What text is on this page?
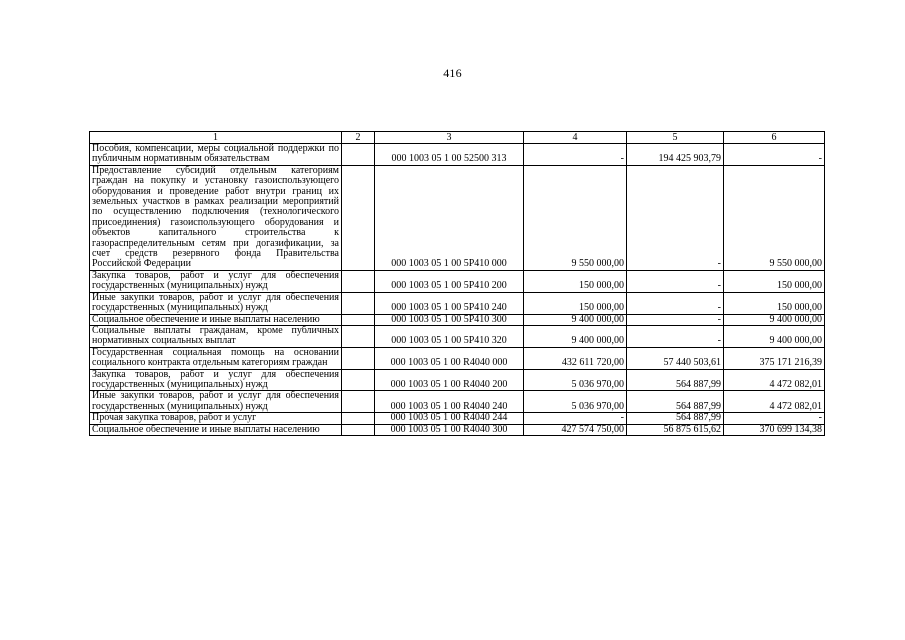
416
1	2	3	4	5	6
Пособия, компенсации, меры социальной поддержки по публичным нормативным обязательствам		000 1003 05 1 00 52500 313	-	194 425 903,79	-
Предоставление субсидий отдельным категориям граждан на покупку и установку газоиспользующего оборудования и проведение работ внутри границ их земельных участков в рамках реализации мероприятий по осуществлению подключения (технологического присоединения) газоиспользующего оборудования и объектов капитального строительства к газораспределительным сетям при догазификации, за счет средств резервного фонда Правительства Российской Федерации		000 1003 05 1 00 5Р410 000	9 550 000,00	-	9 550 000,00
Закупка товаров, работ и услуг для обеспечения государственных (муниципальных) нужд		000 1003 05 1 00 5Р410 200	150 000,00	-	150 000,00
Иные закупки товаров, работ и услуг для обеспечения государственных (муниципальных) нужд		000 1003 05 1 00 5Р410 240	150 000,00	-	150 000,00
Социальное обеспечение и иные выплаты населению		000 1003 05 1 00 5Р410 300	9 400 000,00	-	9 400 000,00
Социальные выплаты гражданам, кроме публичных нормативных социальных выплат		000 1003 05 1 00 5Р410 320	9 400 000,00	-	9 400 000,00
Государственная социальная помощь на основании социального контракта отдельным категориям граждан		000 1003 05 1 00 R4040 000	432 611 720,00	57 440 503,61	375 171 216,39
Закупка товаров, работ и услуг для обеспечения государственных (муниципальных) нужд		000 1003 05 1 00 R4040 200	5 036 970,00	564 887,99	4 472 082,01
Иные закупки товаров, работ и услуг для обеспечения государственных (муниципальных) нужд		000 1003 05 1 00 R4040 240	5 036 970,00	564 887,99	4 472 082,01
Прочая закупка товаров, работ и услуг		000 1003 05 1 00 R4040 244	-	564 887,99	-
Социальное обеспечение и иные выплаты населению		000 1003 05 1 00 R4040 300	427 574 750,00	56 875 615,62	370 699 134,38
